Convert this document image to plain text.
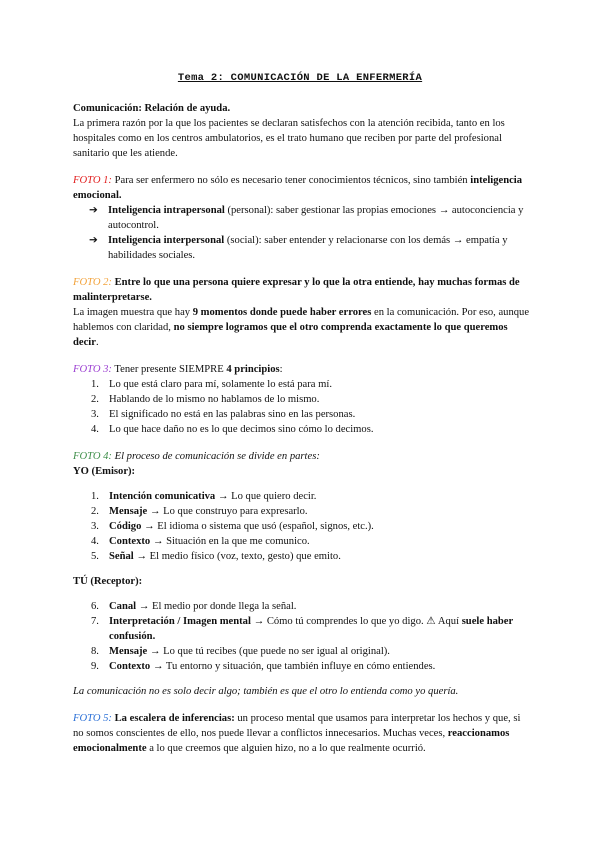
Tema 2: COMUNICACIÓN DE LA ENFERMERÍA

Comunicación: Relación de ayuda.

La primera razón por la que los pacientes se declaran satisfechos con la atención recibida, tanto en los hospitales como en los centros ambulatorios, es el trato humano que reciben por parte del profesional sanitario que les atiende.

FOTO 1: Para ser enfermero no sólo es necesario tener conocimientos técnicos, sino también inteligencia emocional.

➔ Inteligencia intrapersonal (personal): saber gestionar las propias emociones → autoconciencia y autocontrol.
➔ Inteligencia interpersonal (social): saber entender y relacionarse con los demás → empatía y habilidades sociales.

FOTO 2: Entre lo que una persona quiere expresar y lo que la otra entiende, hay muchas formas de malinterpretarse.

La imagen muestra que hay 9 momentos donde puede haber errores en la comunicación. Por eso, aunque hablemos con claridad, no siempre logramos que el otro comprenda exactamente lo que queremos decir.

FOTO 3: Tener presente SIEMPRE 4 principios:

1. Lo que está claro para mí, solamente lo está para mí.
2. Hablando de lo mismo no hablamos de lo mismo.
3. El significado no está en las palabras sino en las personas.
4. Lo que hace daño no es lo que decimos sino cómo lo decimos.

FOTO 4: El proceso de comunicación se divide en partes:

YO (Emisor):

1. Intención comunicativa → Lo que quiero decir.
2. Mensaje → Lo que construyo para expresarlo.
3. Código → El idioma o sistema que usó (español, signos, etc.).
4. Contexto → Situación en la que me comunico.
5. Señal → El medio físico (voz, texto, gesto) que emito.

TÚ (Receptor):

6. Canal → El medio por donde llega la señal.
7. Interpretación / Imagen mental → Cómo tú comprendes lo que yo digo. ⚠ Aquí suele haber confusión.
8. Mensaje → Lo que tú recibes (que puede no ser igual al original).
9. Contexto → Tu entorno y situación, que también influye en cómo entiendes.

La comunicación no es solo decir algo; también es que el otro lo entienda como yo quería.

FOTO 5: La escalera de inferencias: un proceso mental que usamos para interpretar los hechos y que, si no somos conscientes de ello, nos puede llevar a conflictos innecesarios. Muchas veces, reaccionamos emocionalmente a lo que creemos que alguien hizo, no a lo que realmente ocurrió.
